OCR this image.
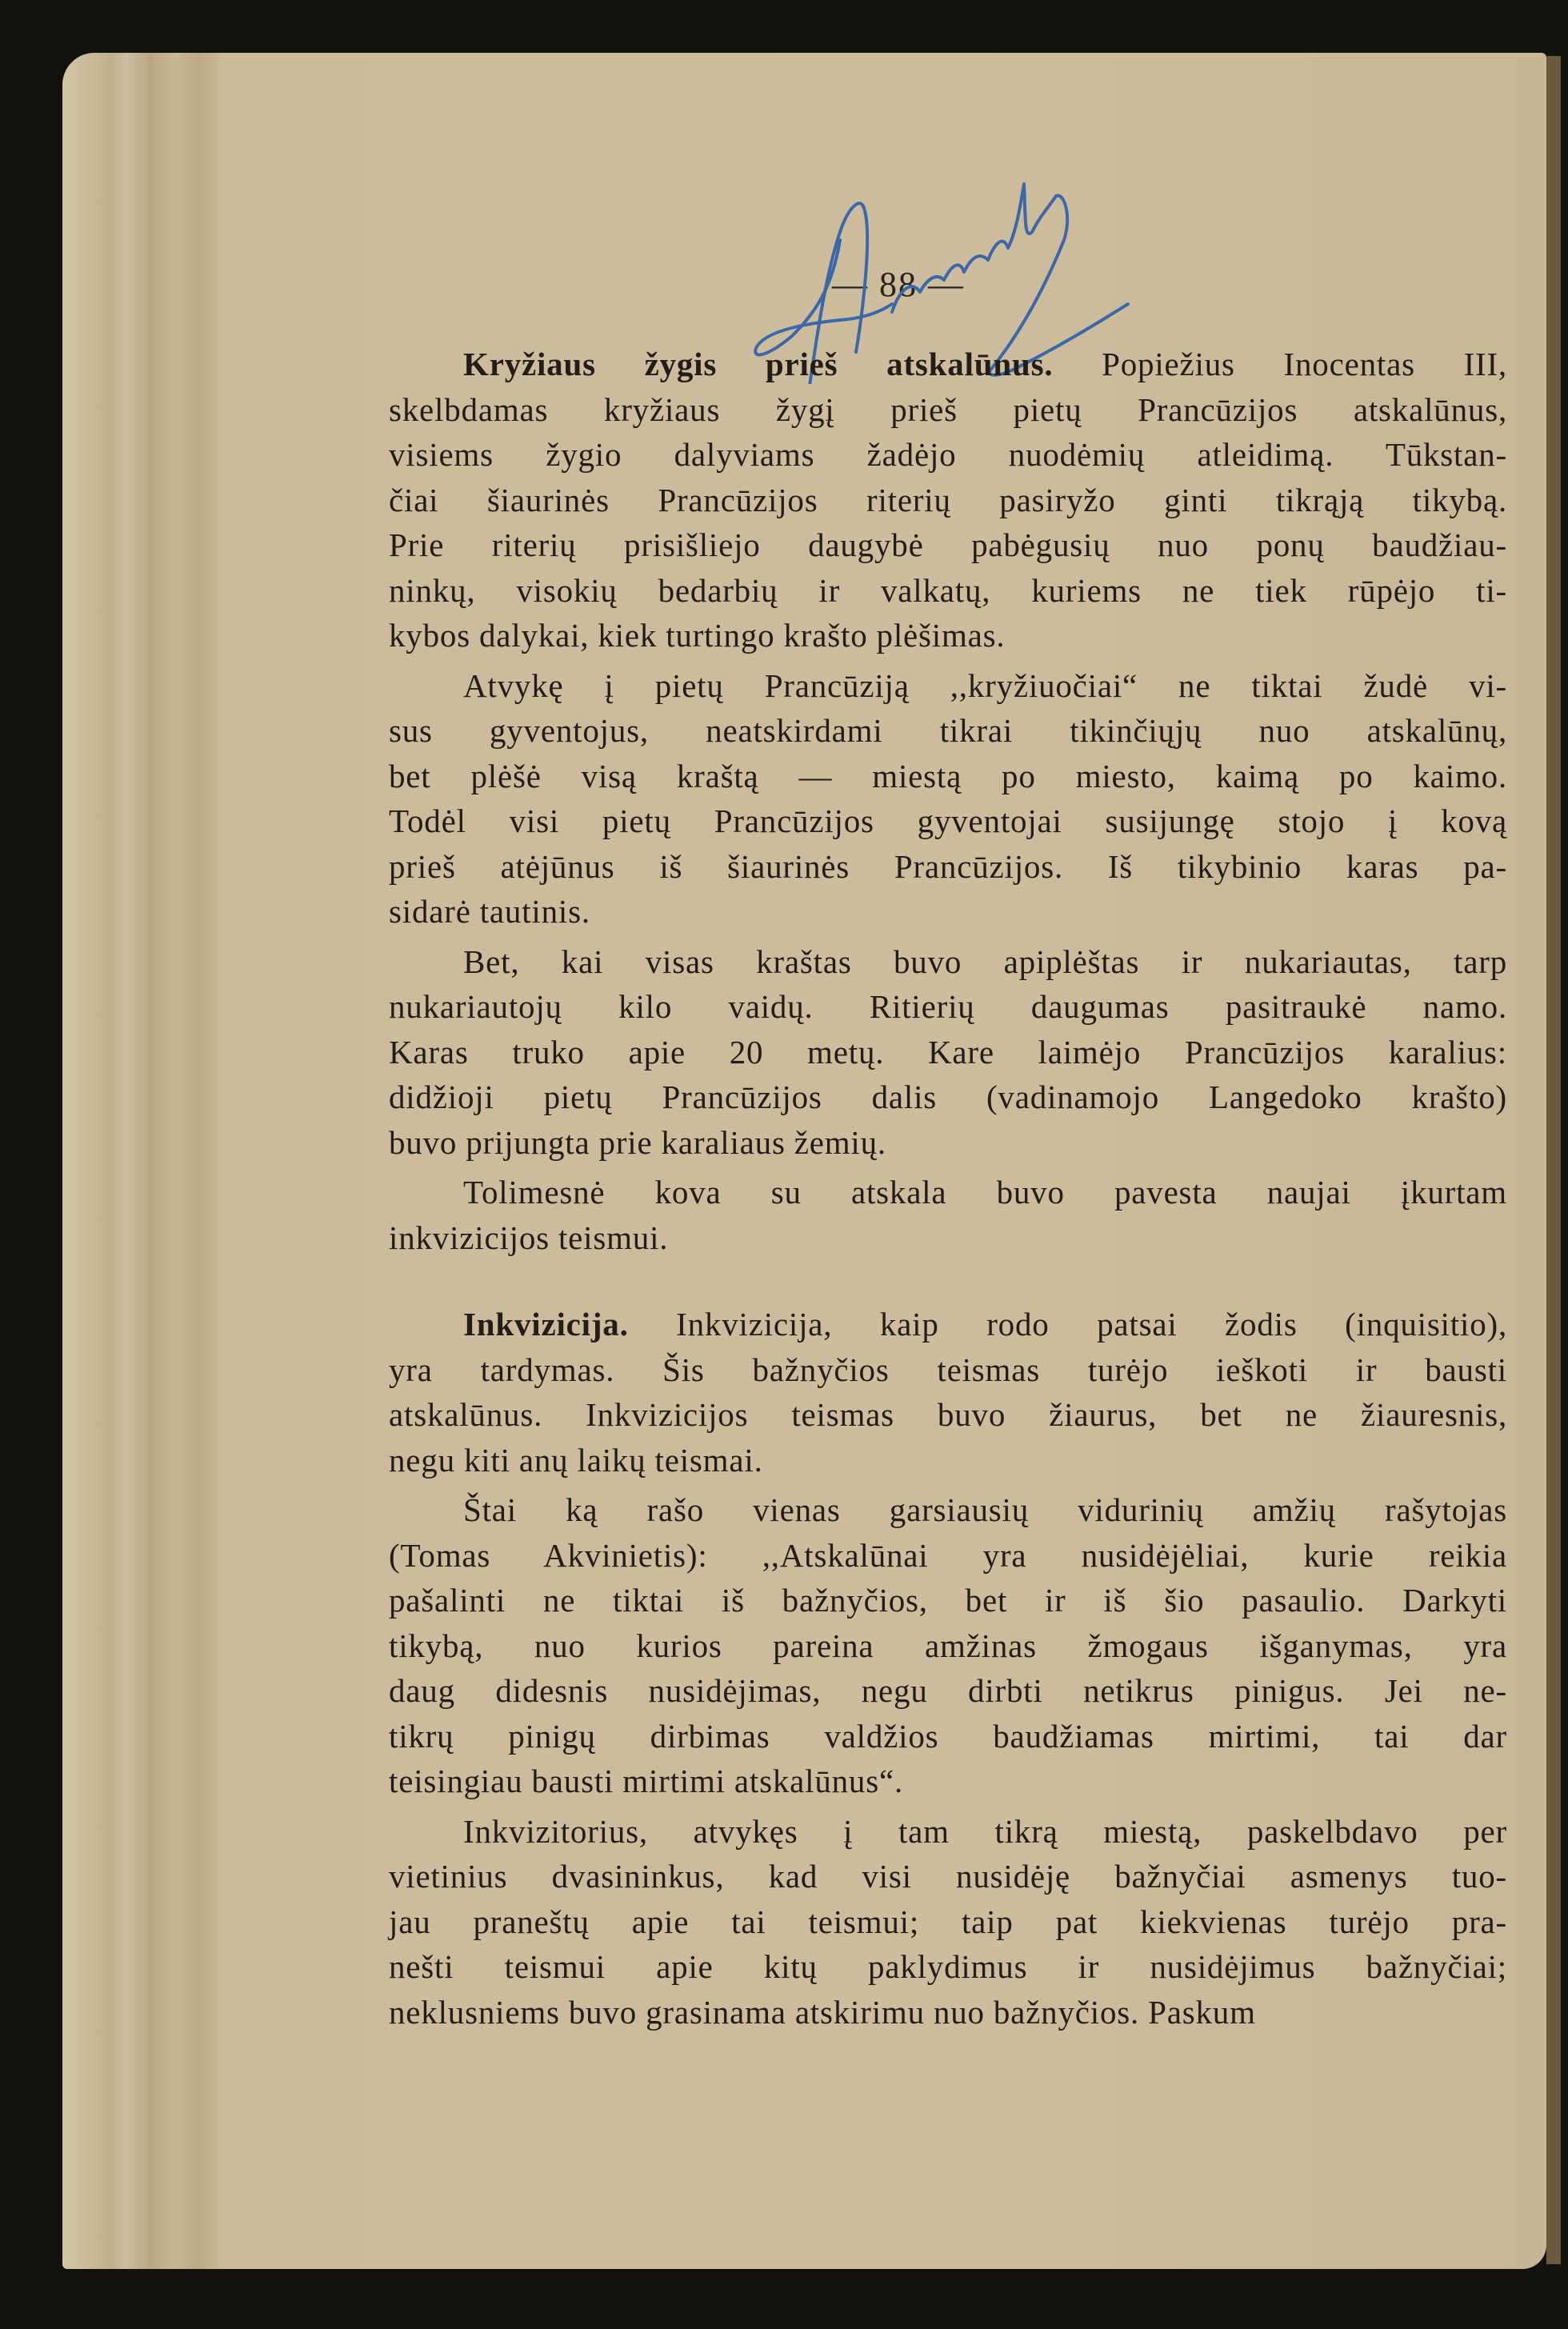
— 88 —
Kryžiaus žygis prieš atskalūnus. Popiežius Inocentas III,
skelbdamas kryžiaus žygį prieš pietų Prancūzijos atskalūnus,
visiems žygio dalyviams žadėjo nuodėmių atleidimą. Tūkstan-
čiai šiaurinės Prancūzijos riterių pasiryžo ginti tikrąją tikybą.
Prie riterių prisišliejo daugybė pabėgusių nuo ponų baudžiau-
ninkų, visokių bedarbių ir valkatų, kuriems ne tiek rūpėjo ti-
kybos dalykai, kiek turtingo krašto plėšimas.
Atvykę į pietų Prancūziją ,,kryžiuočiai“ ne tiktai žudė vi-
sus gyventojus, neatskirdami tikrai tikinčiųjų nuo atskalūnų,
bet plėšė visą kraštą — miestą po miesto, kaimą po kaimo.
Todėl visi pietų Prancūzijos gyventojai susijungę stojo į kovą
prieš atėjūnus iš šiaurinės Prancūzijos. Iš tikybinio karas pa-
sidarė tautinis.
Bet, kai visas kraštas buvo apiplėštas ir nukariautas, tarp
nukariautojų kilo vaidų. Ritierių daugumas pasitraukė namo.
Karas truko apie 20 metų. Kare laimėjo Prancūzijos karalius:
didžioji pietų Prancūzijos dalis (vadinamojo Langedoko krašto)
buvo prijungta prie karaliaus žemių.
Tolimesnė kova su atskala buvo pavesta naujai įkurtam
inkvizicijos teismui.
Inkvizicija. Inkvizicija, kaip rodo patsai žodis (inquisitio),
yra tardymas. Šis bažnyčios teismas turėjo ieškoti ir bausti
atskalūnus. Inkvizicijos teismas buvo žiaurus, bet ne žiauresnis,
negu kiti anų laikų teismai.
Štai ką rašo vienas garsiausių vidurinių amžių rašytojas
(Tomas Akvinietis): ,,Atskalūnai yra nusidėjėliai, kurie reikia
pašalinti ne tiktai iš bažnyčios, bet ir iš šio pasaulio. Darkyti
tikybą, nuo kurios pareina amžinas žmogaus išganymas, yra
daug didesnis nusidėjimas, negu dirbti netikrus pinigus. Jei ne-
tikrų pinigų dirbimas valdžios baudžiamas mirtimi, tai dar
teisingiau bausti mirtimi atskalūnus“.
Inkvizitorius, atvykęs į tam tikrą miestą, paskelbdavo per
vietinius dvasininkus, kad visi nusidėję bažnyčiai asmenys tuo-
jau praneštų apie tai teismui; taip pat kiekvienas turėjo pra-
nešti teismui apie kitų paklydimus ir nusidėjimus bažnyčiai;
neklusniems buvo grasinama atskirimu nuo bažnyčios. Paskum
